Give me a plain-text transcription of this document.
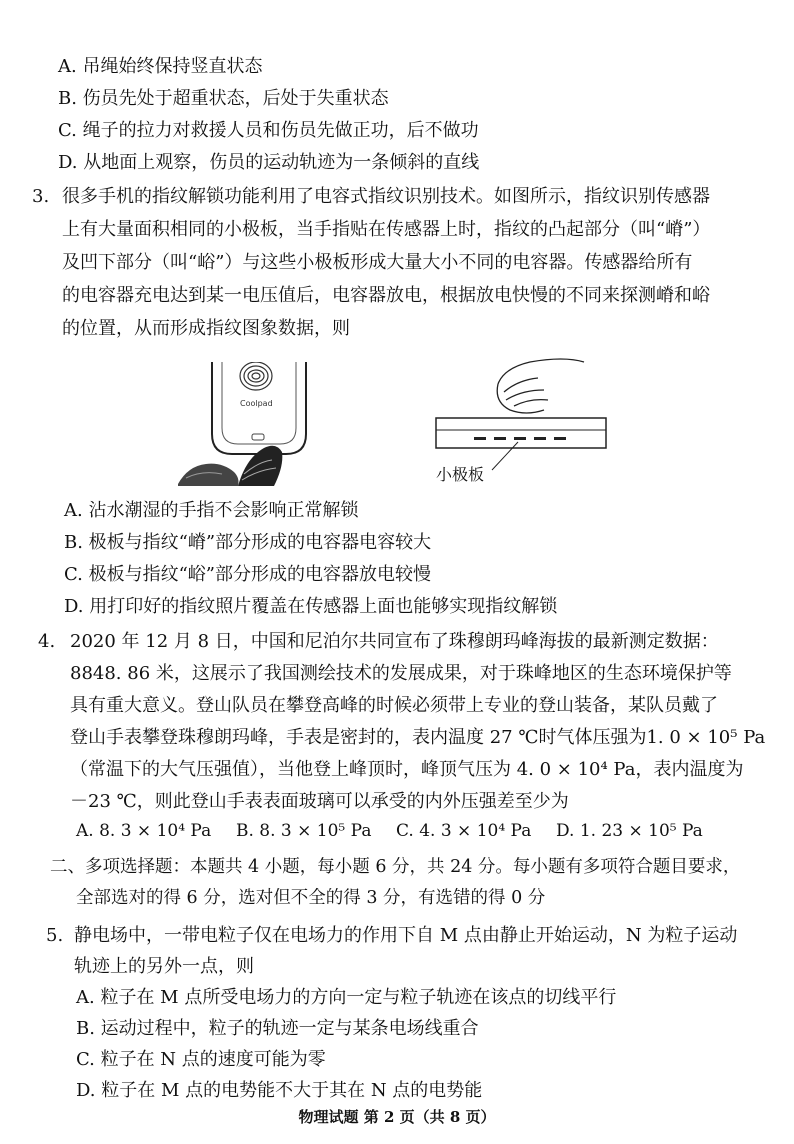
A. 吊绳始终保持竖直状态
B. 伤员先处于超重状态，后处于失重状态
C. 绳子的拉力对救援人员和伤员先做正功，后不做功
D. 从地面上观察，伤员的运动轨迹为一条倾斜的直线
3. 很多手机的指纹解锁功能利用了电容式指纹识别技术。如图所示，指纹识别传感器
上有大量面积相同的小极板，当手指贴在传感器上时，指纹的凸起部分（叫“嵴”）
及凹下部分（叫“峪”）与这些小极板形成大量大小不同的电容器。传感器给所有
的电容器充电达到某一电压值后，电容器放电，根据放电快慢的不同来探测嵴和峪
的位置，从而形成指纹图象数据，则
Coolpad
小极板
A. 沾水潮湿的手指不会影响正常解锁
B. 极板与指纹“嵴”部分形成的电容器电容较大
C. 极板与指纹“峪”部分形成的电容器放电较慢
D. 用打印好的指纹照片覆盖在传感器上面也能够实现指纹解锁
4. 2020 年 12 月 8 日，中国和尼泊尔共同宣布了珠穆朗玛峰海拔的最新测定数据：
8848. 86 米，这展示了我国测绘技术的发展成果，对于珠峰地区的生态环境保护等
具有重大意义。登山队员在攀登高峰的时候必须带上专业的登山装备，某队员戴了
登山手表攀登珠穆朗玛峰，手表是密封的，表内温度 27 ℃时气体压强为1. 0 × 10⁵ Pa
（常温下的大气压强值），当他登上峰顶时，峰顶气压为 4. 0 × 10⁴ Pa，表内温度为
－23 ℃，则此登山手表表面玻璃可以承受的内外压强差至少为
A. 8. 3 × 10⁴ Pa B. 8. 3 × 10⁵ Pa C. 4. 3 × 10⁴ Pa D. 1. 23 × 10⁵ Pa
二、多项选择题：本题共 4 小题，每小题 6 分，共 24 分。每小题有多项符合题目要求，
全部选对的得 6 分，选对但不全的得 3 分，有选错的得 0 分
5. 静电场中，一带电粒子仅在电场力的作用下自 M 点由静止开始运动，N 为粒子运动
轨迹上的另外一点，则
A. 粒子在 M 点所受电场力的方向一定与粒子轨迹在该点的切线平行
B. 运动过程中，粒子的轨迹一定与某条电场线重合
C. 粒子在 N 点的速度可能为零
D. 粒子在 M 点的电势能不大于其在 N 点的电势能
物理试题 第 2 页（共 8 页）
